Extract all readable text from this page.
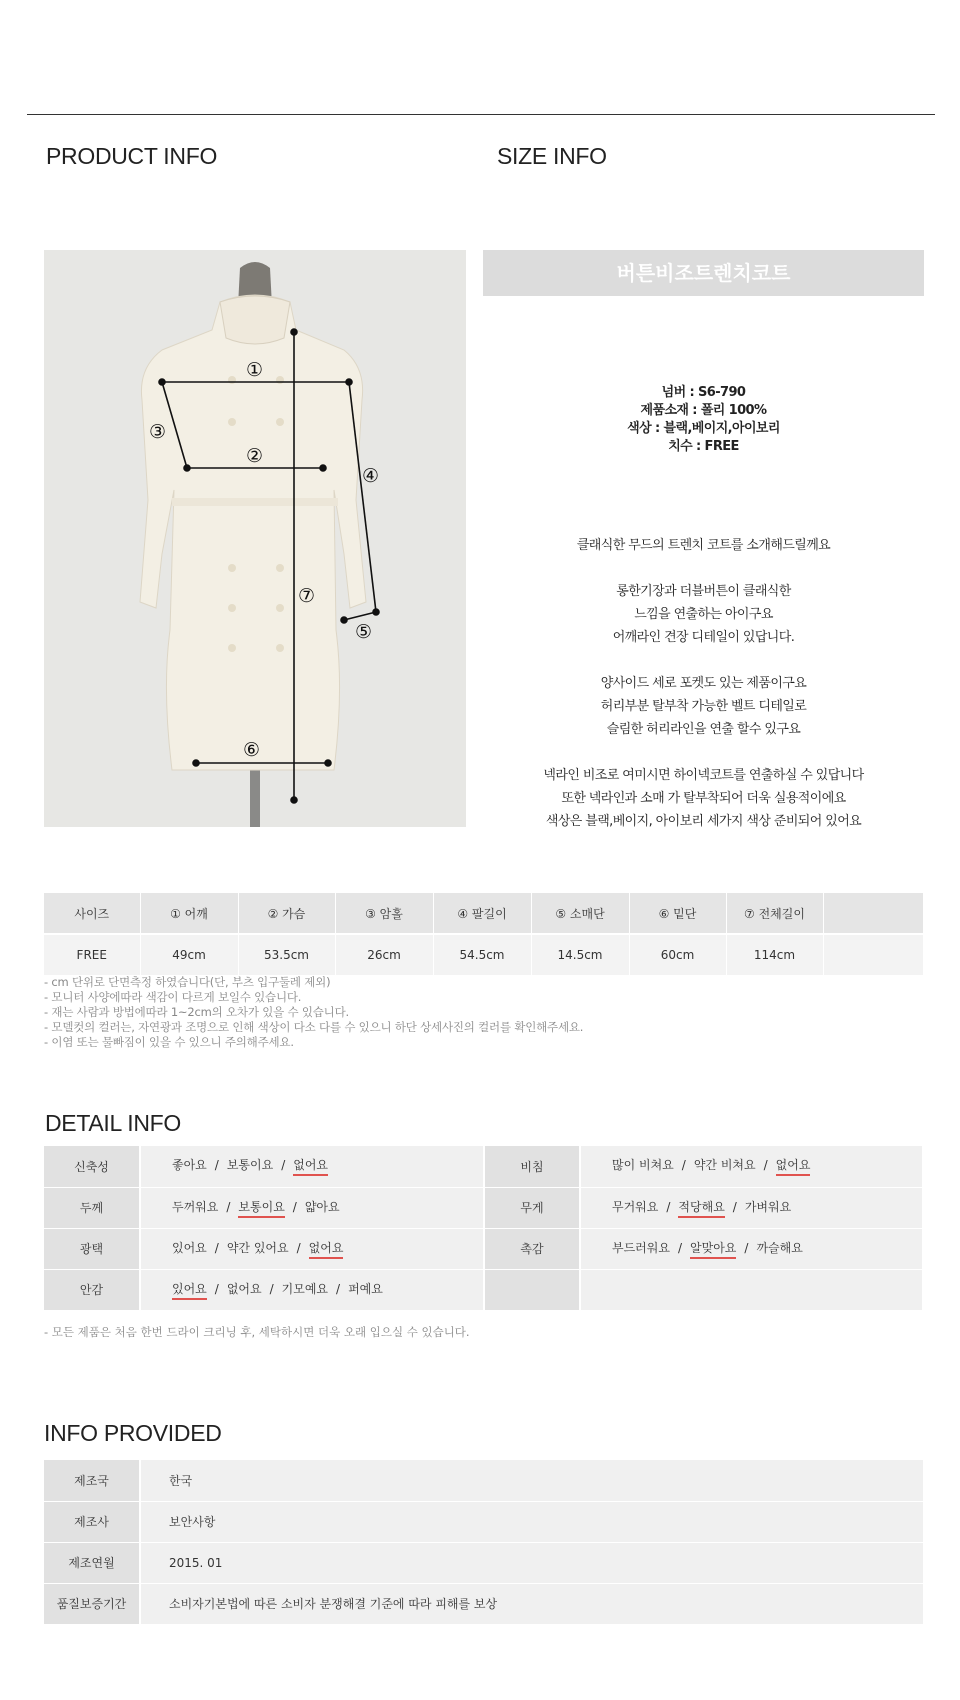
PRODUCT INFO	SIZE INFO
①
②
③
④
⑤
⑥
⑦
버튼비조트렌치코트
넘버 : S6-790
제품소재 : 폴리 100%
색상 : 블랙,베이지,아이보리
치수 : FREE
클래식한 무드의 트렌치 코트를 소개해드릴께요
롱한기장과 더블버튼이 클래식한
느낌을 연출하는 아이구요
어깨라인 견장 디테일이 있답니다.
양사이드 세로 포켓도 있는 제품이구요
허리부분 탈부착 가능한 벨트 디테일로
슬림한 허리라인을 연출 할수 있구요
넥라인 비조로 여미시면 하이넥코트를 연출하실 수 있답니다
또한 넥라인과 소매 가 탈부착되어 더욱 실용적이에요
색상은 블랙,베이지, 아이보리 세가지 색상 준비되어 있어요
사이즈	① 어깨	② 가슴	③ 암홀	④ 팔길이	⑤ 소매단	⑥ 밑단	⑦ 전체길이	
FREE	49cm	53.5cm	26cm	54.5cm	14.5cm	60cm	114cm	
- cm 단위로 단면측정 하였습니다(단, 부츠 입구둘레 제외)
- 모니터 사양에따라 색감이 다르게 보일수 있습니다.
- 재는 사람과 방법에따라 1~2cm의 오차가 있을 수 있습니다.
- 모델컷의 컬러는, 자연광과 조명으로 인해 색상이 다소 다를 수 있으니 하단 상세사진의 컬러를 확인해주세요.
- 이염 또는 물빠짐이 있을 수 있으니 주의해주세요.
DETAIL INFO
신축성	좋아요 / 보통이요 / 없어요	비침	많이 비쳐요 / 약간 비쳐요 / 없어요
두께	두꺼워요 / 보통이요 / 얇아요	무게	무거워요 / 적당해요 / 가벼워요
광택	있어요 / 약간 있어요 / 없어요	촉감	부드러워요 / 알맞아요 / 까슬해요
안감	있어요 / 없어요 / 기모예요 / 퍼예요		
- 모든 제품은 처음 한번 드라이 크리닝 후, 세탁하시면 더욱 오래 입으실 수 있습니다.
INFO PROVIDED
제조국	한국
제조사	보안사항
제조연월	2015. 01
품질보증기간	소비자기본법에 따른 소비자 분쟁해결 기준에 따라 피해를 보상
